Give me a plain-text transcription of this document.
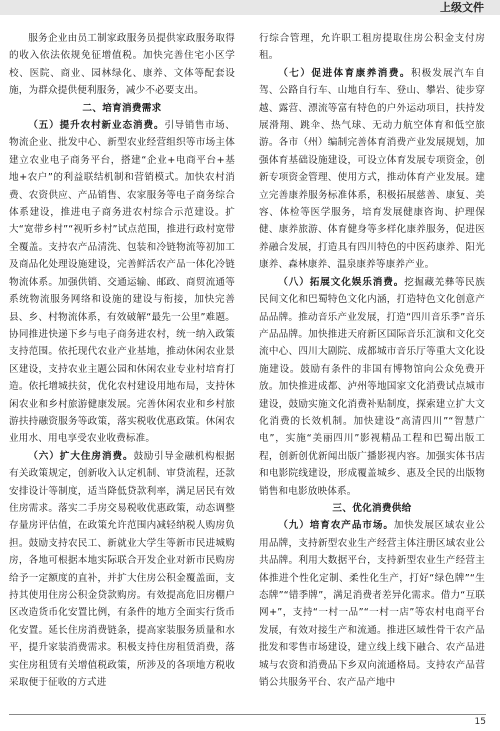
上级文件

服务企业由员工制家政服务员提供家政服务取得的收入依法依规免征增值税。加快完善住宅小区学校、医院、商业、园林绿化、康养、文体等配套设施，为群众提供便利服务，减少不必要支出。

二、培育消费需求

（五）提升农村新业态消费。引导销售市场、物流企业、批发中心、新型农业经营组织等市场主体建立农业电子商务平台，搭建“企业+电商平台+基地+农户”的利益联结机制和营销模式。加快农村消费、农资供应、产品销售、农家服务等电子商务综合体系建设，推进电子商务进农村综合示范建设。扩大“宽带乡村”“视听乡村”试点范围，推进行政村宽带全覆盖。支持农产品清洗、包装和冷链物流等初加工及商品化处理设施建设，完善鲜活农产品一体化冷链物流体系。加强供销、交通运输、邮政、商贸流通等系统物流服务网络和设施的建设与衔接，加快完善县、乡、村物流体系，有效破解“最先一公里”难题。协同推进快递下乡与电子商务进农村，统一纳入政策支持范围。依托现代农业产业基地，推动休闲农业景区建设，支持农业主题公园和休闲农业专业村培育打造。依托增城扶贫，优化农村建设用地布局，支持休闲农业和乡村旅游健康发展。完善休闲农业和乡村旅游扶持融资服务等政策，落实税收优惠政策。休闲农业用水、用电享受农业收费标准。

（六）扩大住房消费。鼓励引导金融机构根据有关政策规定，创新收入认定机制、审贷流程，还款安排设计等制度，适当降低贷款利率，满足居民有效住房需求。落实二手房交易税收优惠政策，动态调整存量房评估值，在政策允许范围内减轻纳税人购房负担。鼓励支持农民工、新就业大学生等新市民进城购房，各地可根据本地实际联合开发企业对新市民购房给予一定额度的直补，并扩大住房公积金覆盖面，支持其使用住房公积金贷款购房。有效提高危旧房棚户区改造货币化安置比例，有条件的地方全面实行货币化安置。延长住房消费链条，提高家装服务质量和水平，提升家装消费需求。积极支持住房租赁消费，落实住房租赁有关增值税政策，所涉及的各项地方税收采取便于征收的方式进

行综合管理，允许职工租房提取住房公积金支付房租。

（七）促进体育康养消费。积极发展汽车自驾、公路自行车、山地自行车、登山、攀岩、徒步穿越、露营、漂流等富有特色的户外运动项目，扶持发展滑翔、跳伞、热气球、无动力航空体育和低空旅游。各市（州）编制完善体育消费产业发展规划，加强体育基础设施建设，可设立体育发展专项资金，创新专项资金管理、使用方式，推动体育产业发展。建立完善康养服务标准体系，积极拓展慈善、康复、美容、体检等医学服务，培育发展健康咨询、护理保健、康养旅游、体育健身等多样化康养服务，促进医养融合发展，打造具有四川特色的中医药康养、阳光康养、森林康养、温泉康养等康养产业。

（八）拓展文化娱乐消费。挖掘藏羌彝等民族民间文化和巴蜀特色文化内涵，打造特色文化创意产品品牌。推动音乐产业发展，打造“四川音乐季”音乐产品品牌。加快推进天府新区国际音乐汇演和文化交流中心、四川大剧院、成都城市音乐厅等重大文化设施建设。鼓励有条件的非国有博物馆向公众免费开放。加快推进成都、泸州等地国家文化消费试点城市建设，鼓励实施文化消费补贴制度，探索建立扩大文化消费的长效机制。加快建设“高清四川”“智慧广电”，实施“美丽四川”影视精品工程和巴蜀出版工程，创新创优新闻出版广播影视内容。加强实体书店和电影院线建设，形成覆盖城乡、惠及全民的出版物销售和电影放映体系。

三、优化消费供给

（九）培育农产品市场。加快发展区域农业公用品牌，支持新型农业生产经营主体注册区域农业公共品牌。利用大数据平台，支持新型农业生产经营主体推进个性化定制、柔性化生产，打好“绿色牌”“生态牌”“错季牌”，满足消费者差异化需求。借力“互联网+”，支持“一村一品”“一村一店”等农村电商平台发展，有效对接生产和流通。推进区域性骨干农产品批发和零售市场建设，建立线上线下融合、农产品进城与农资和消费品下乡双向流通格局。支持农产品营销公共服务平台、农产品产地中

15
